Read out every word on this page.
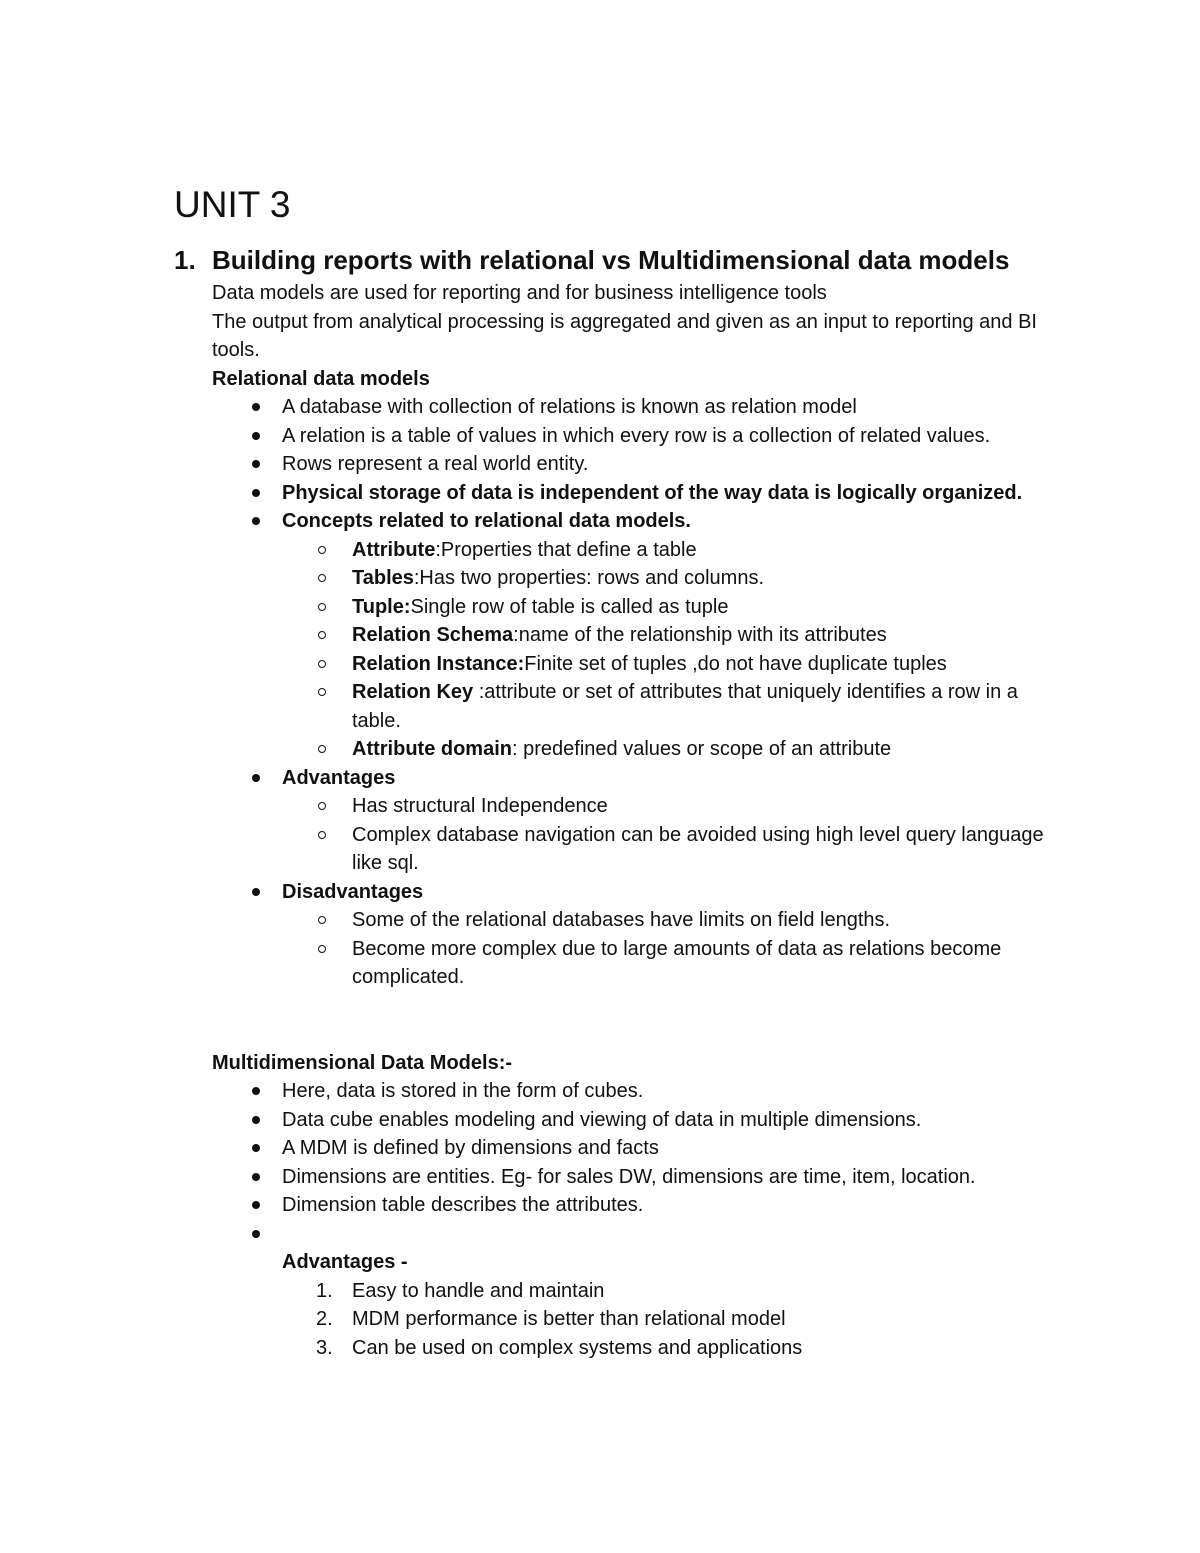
UNIT 3
1. Building reports with relational vs Multidimensional data models

Data models are used for reporting and for business intelligence tools

The output from analytical processing is aggregated and given as an input to reporting and BI tools.

Relational data models

A database with collection of relations is known as relation model
A relation is a table of values in which every row is a collection of related values.
Rows represent a real world entity.
Physical storage of data is independent of the way data is logically organized.
Concepts related to relational data models.
Attribute:Properties that define a table
Tables:Has two properties: rows and columns.
Tuple:Single row of table is called as tuple
Relation Schema:name of the relationship with its attributes
Relation Instance:Finite set of tuples ,do not have duplicate tuples
Relation Key :attribute or set of attributes that uniquely identifies a row in a table.
Attribute domain: predefined values or scope of an attribute
Advantages
Has structural Independence
Complex database navigation can be avoided using high level query language like sql.
Disadvantages
Some of the relational databases have limits on field lengths.
Become more complex due to large amounts of data as relations become complicated.

Multidimensional Data Models:-

Here, data is stored in the form of cubes.
Data cube enables modeling and viewing of data in multiple dimensions.
A MDM is defined by dimensions and facts
Dimensions are entities. Eg- for sales DW, dimensions are time, item, location.
Dimension table describes the attributes.

Advantages -
1. Easy to handle and maintain
2. MDM performance is better than relational model
3. Can be used on complex systems and applications
